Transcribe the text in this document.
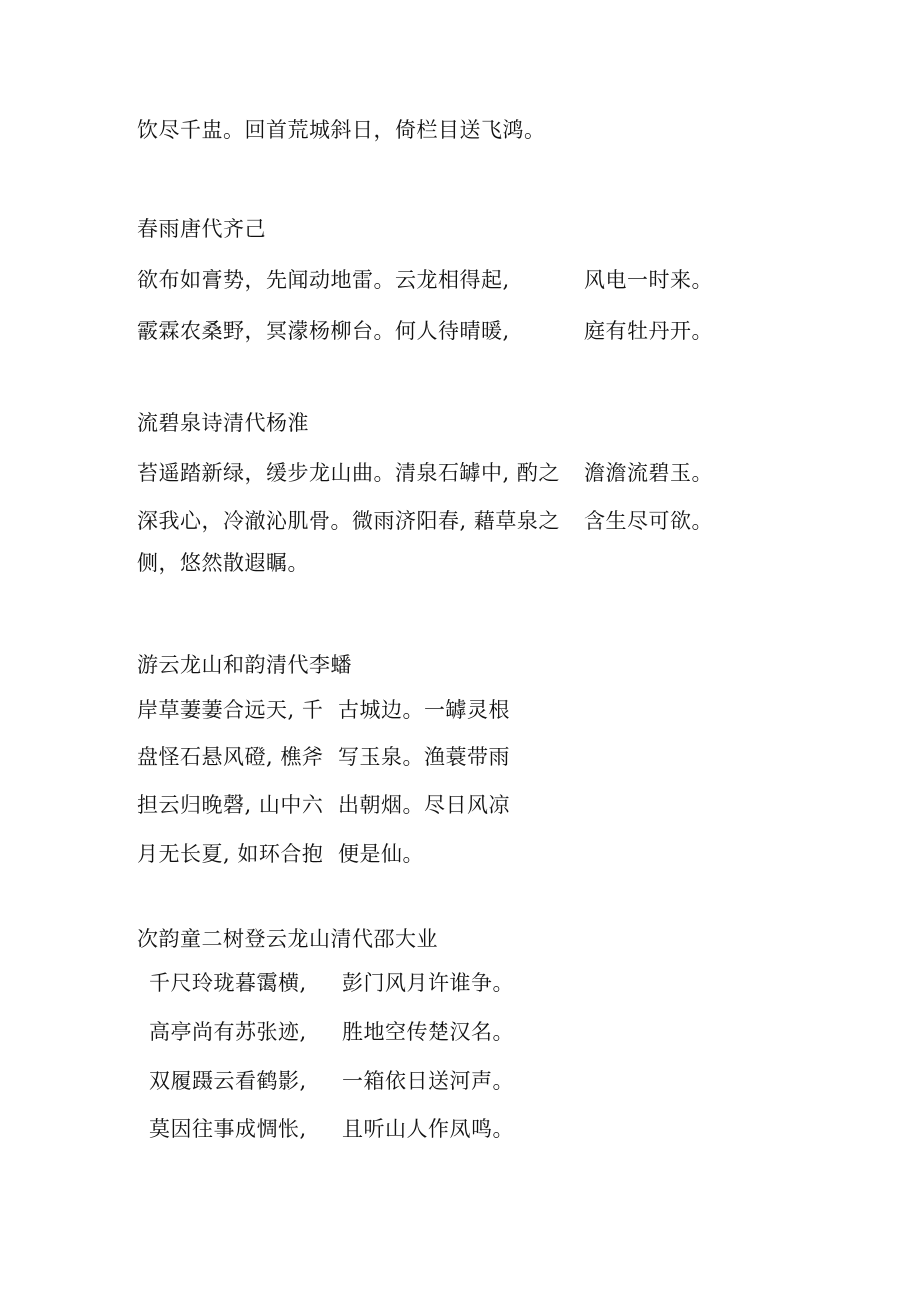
饮尽千盅。回首荒城斜日，倚栏目送飞鸿。
春雨唐代齐己
欲布如膏势，先闻动地雷。云龙相得起,	风电一时来。
霰霖农桑野，冥濛杨柳台。何人待晴暖,	庭有牡丹开。
流碧泉诗清代杨淮
苔遥踏新绿，缓步龙山曲。清泉石罅中, 酌之 澹澹流碧玉。
深我心，冷澈沁肌骨。微雨济阳春, 藉草泉之 含生尽可欲。
侧，悠然散遐瞩。
游云龙山和韵清代李蟠
岸草萋萋合远天, 千 古城边。一罅灵根
盘怪石悬风磴, 樵斧 写玉泉。渔蓑带雨
担云归晚磬, 山中六 出朝烟。尽日风凉
月无长夏, 如环合抱 便是仙。
次韵童二树登云龙山清代邵大业
千尺玲珑暮霭横, 彭门风月许谁争。
高亭尚有苏张迹, 胜地空传楚汉名。
双履蹑云看鹤影, 一箱依日送河声。
莫因往事成惆怅, 且听山人作凤鸣。
